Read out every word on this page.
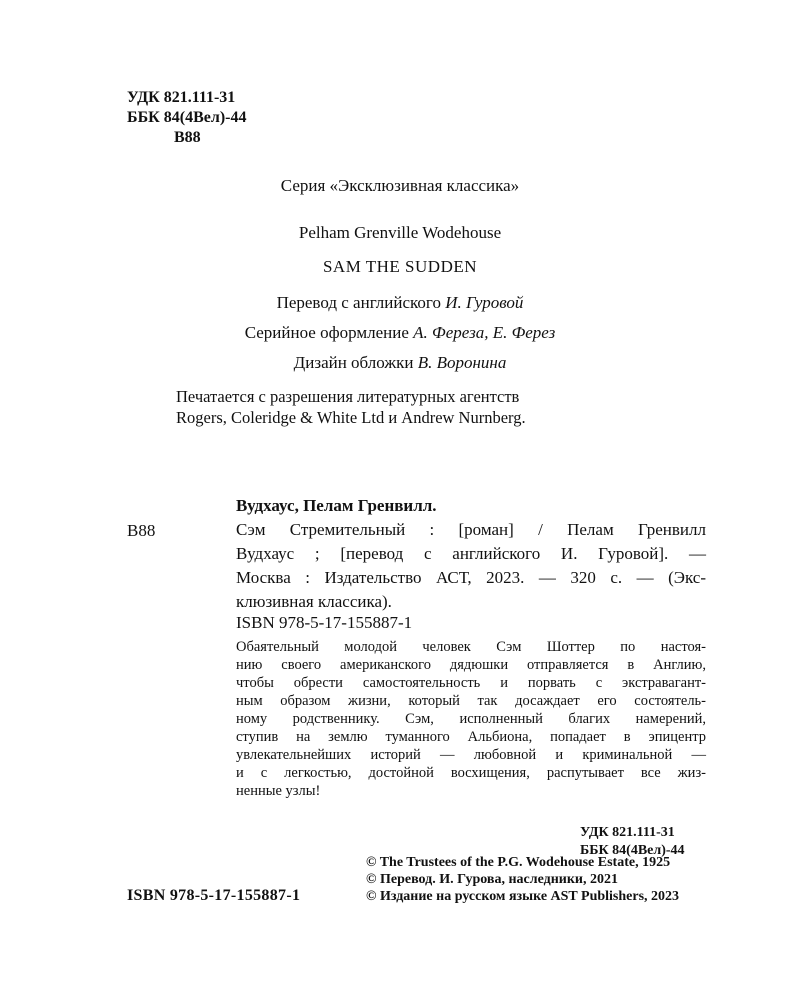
УДК 821.111-31
ББК 84(4Вел)-44
В88
Серия «Эксклюзивная классика»
Pelham Grenville Wodehouse
SAM THE SUDDEN
Перевод с английского И. Гуровой
Серийное оформление А. Фереза, Е. Ферез
Дизайн обложки В. Воронина
Печатается с разрешения литературных агентств
Rogers, Coleridge & White Ltd и Andrew Nurnberg.
Вудхаус, Пелам Гренвилл.
В88	Сэм Стремительный : [роман] / Пелам Гренвилл
Вудхаус ; [перевод с английского И. Гуровой]. —
Москва : Издательство АСТ, 2023. — 320 с. — (Экс-
клюзивная классика).
ISBN 978-5-17-155887-1
Обаятельный молодой человек Сэм Шоттер по настоя-
нию своего американского дядюшки отправляется в Англию,
чтобы обрести самостоятельность и порвать с экстравагант-
ным образом жизни, который так досаждает его состоятель-
ному родственнику. Сэм, исполненный благих намерений,
ступив на землю туманного Альбиона, попадает в эпицентр
увлекательнейших историй — любовной и криминальной —
и с легкостью, достойной восхищения, распутывает все жиз-
ненные узлы!
УДК 821.111-31
ББК 84(4Вел)-44
ISBN 978-5-17-155887-1
© The Trustees of the P.G. Wodehouse Estate, 1925
© Перевод. И. Гурова, наследники, 2021
© Издание на русском языке AST Publishers, 2023
